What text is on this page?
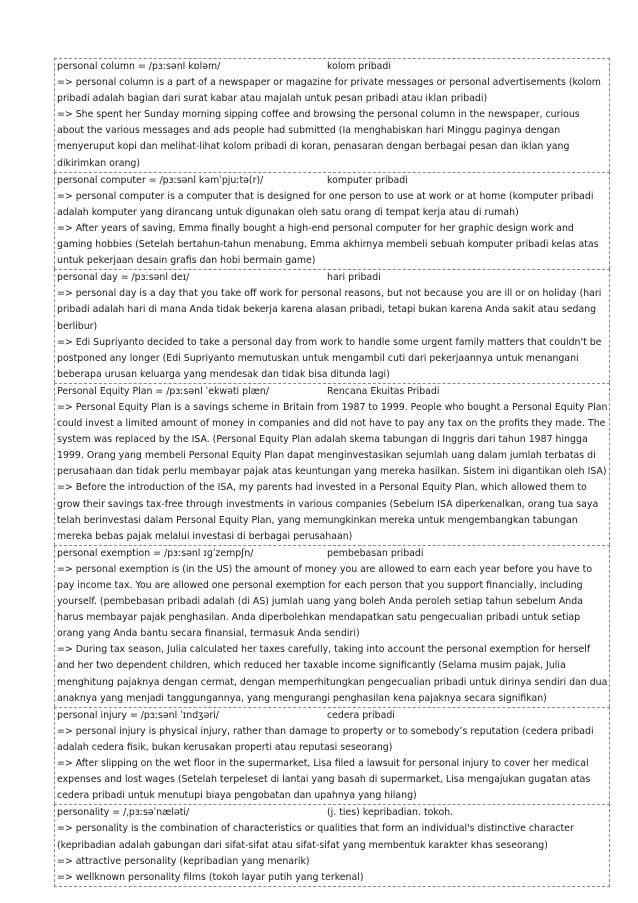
personal column = /pɜːsənl kɒləm/	kolom pribadi

=> personal column is a part of a newspaper or magazine for private messages or personal advertisements (kolom pribadi adalah bagian dari surat kabar atau majalah untuk pesan pribadi atau iklan pribadi)

=> She spent her Sunday morning sipping coffee and browsing the personal column in the newspaper, curious about the various messages and ads people had submitted (Ia menghabiskan hari Minggu paginya dengan menyeruput kopi dan melihat-lihat kolom pribadi di koran, penasaran dengan berbagai pesan dan iklan yang dikirimkan orang)

personal computer = /pɜːsənl kəmˈpjuːtə(r)/	komputer pribadi

=> personal computer is a computer that is designed for one person to use at work or at home (komputer pribadi adalah komputer yang dirancang untuk digunakan oleh satu orang di tempat kerja atau di rumah)

=> After years of saving, Emma finally bought a high-end personal computer for her graphic design work and gaming hobbies (Setelah bertahun-tahun menabung, Emma akhirnya membeli sebuah komputer pribadi kelas atas untuk pekerjaan desain grafis dan hobi bermain game)

personal day = /pɜːsənl deɪ/	hari pribadi

=> personal day is a day that you take off work for personal reasons, but not because you are ill or on holiday (hari pribadi adalah hari di mana Anda tidak bekerja karena alasan pribadi, tetapi bukan karena Anda sakit atau sedang berlibur)

=> Edi Supriyanto decided to take a personal day from work to handle some urgent family matters that couldn't be postponed any longer (Edi Supriyanto memutuskan untuk mengambil cuti dari pekerjaannya untuk menangani beberapa urusan keluarga yang mendesak dan tidak bisa ditunda lagi)

Personal Equity Plan = /pɜːsənl ˈekwəti plæn/	Rencana Ekuitas Pribadi

=> Personal Equity Plan is a savings scheme in Britain from 1987 to 1999. People who bought a Personal Equity Plan could invest a limited amount of money in companies and did not have to pay any tax on the profits they made. The system was replaced by the ISA. (Personal Equity Plan adalah skema tabungan di Inggris dari tahun 1987 hingga 1999. Orang yang membeli Personal Equity Plan dapat menginvestasikan sejumlah uang dalam jumlah terbatas di perusahaan dan tidak perlu membayar pajak atas keuntungan yang mereka hasilkan. Sistem ini digantikan oleh ISA)

=> Before the introduction of the ISA, my parents had invested in a Personal Equity Plan, which allowed them to grow their savings tax-free through investments in various companies (Sebelum ISA diperkenalkan, orang tua saya telah berinvestasi dalam Personal Equity Plan, yang memungkinkan mereka untuk mengembangkan tabungan mereka bebas pajak melalui investasi di berbagai perusahaan)

personal exemption = /pɜːsənl ɪɡˈzempʃn/	pembebasan pribadi

=> personal exemption is (in the US) the amount of money you are allowed to earn each year before you have to pay income tax. You are allowed one personal exemption for each person that you support financially, including yourself. (pembebasan pribadi adalah (di AS) jumlah uang yang boleh Anda peroleh setiap tahun sebelum Anda harus membayar pajak penghasilan. Anda diperbolehkan mendapatkan satu pengecualian pribadi untuk setiap orang yang Anda bantu secara finansial, termasuk Anda sendiri)

=> During tax season, Julia calculated her taxes carefully, taking into account the personal exemption for herself and her two dependent children, which reduced her taxable income significantly (Selama musim pajak, Julia menghitung pajaknya dengan cermat, dengan memperhitungkan pengecualian pribadi untuk dirinya sendiri dan dua anaknya yang menjadi tanggungannya, yang mengurangi penghasilan kena pajaknya secara signifikan)

personal injury = /pɜːsənl ˈɪndʒəri/	cedera pribadi

=> personal injury is physical injury, rather than damage to property or to somebody’s reputation (cedera pribadi adalah cedera fisik, bukan kerusakan properti atau reputasi seseorang)

=> After slipping on the wet floor in the supermarket, Lisa filed a lawsuit for personal injury to cover her medical expenses and lost wages (Setelah terpeleset di lantai yang basah di supermarket, Lisa mengajukan gugatan atas cedera pribadi untuk menutupi biaya pengobatan dan upahnya yang hilang)

personality = /ˌpɜːsəˈnæləti/	(j. ties) kepribadian. tokoh.

=> personality is the combination of characteristics or qualities that form an individual's distinctive character (kepribadian adalah gabungan dari sifat-sifat atau sifat-sifat yang membentuk karakter khas seseorang)

=> attractive personality (kepribadian yang menarik)

=> wellknown personality films (tokoh layar putih yang terkenal)
